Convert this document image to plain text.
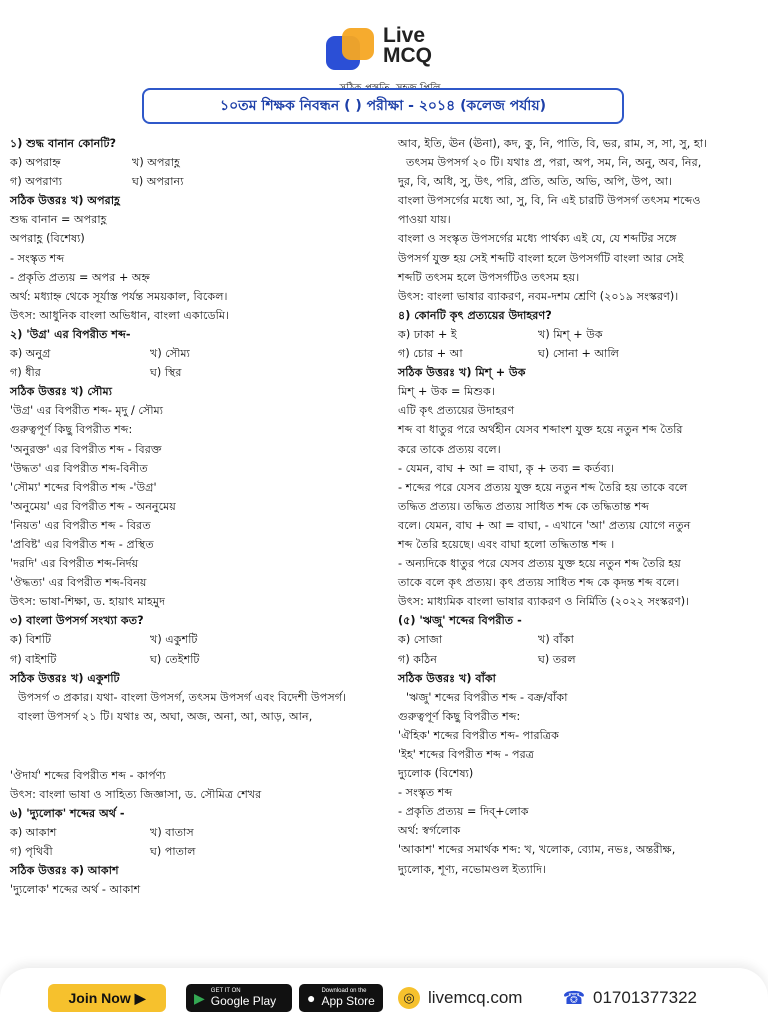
Live
MCQ
১০তম শিক্ষক নিবন্ধন ( ) পরীক্ষা - ২০১৪ (কলেজ পর্যায়)

১) শুদ্ধ বানান কোনটি?

ক) অপরাহ্ন	খ) অপরাহ্ণ

গ) অপরাণ্য	ঘ) অপরান্য

সঠিক উত্তরঃ খ) অপরাহ্ণ

শুদ্ধ বানান = অপরাহ্ণ

অপরাহ্ণ (বিশেষ্য)

- সংস্কৃত শব্দ

- প্রকৃতি প্রত্যয় = অপর + অহ্ন

অর্থ: মধ্যাহ্ন থেকে সূর্যাস্ত পর্যন্ত সময়কাল, বিকেল।

উৎস: আধুনিক বাংলা অভিধান, বাংলা একাডেমি।

২) 'উগ্র' এর বিপরীত শব্দ-

ক) অনুগ্র	খ) সৌম্য

গ) ধীর	ঘ) স্থির

সঠিক উত্তরঃ খ) সৌম্য

'উগ্র' এর বিপরীত শব্দ- মৃদু / সৌম্য

গুরুত্বপূর্ণ কিছু বিপরীত শব্দ:

'অনুরক্ত' এর বিপরীত শব্দ - বিরক্ত

'উদ্ধত' এর বিপরীত শব্দ-বিনীত

'সৌম্য' শব্দের বিপরীত শব্দ -'উগ্র'

'অনুমেয়' এর বিপরীত শব্দ - অননুমেয়

'নিয়ত' এর বিপরীত শব্দ - বিরত

'প্রবিষ্ট' এর বিপরীত শব্দ - প্রস্থিত

'দরদি' এর বিপরীত শব্দ-নির্দয়

'ঔদ্ধত্য' এর বিপরীত শব্দ-বিনয়

উৎস: ভাষা-শিক্ষা, ড. হায়াৎ মাহমুদ

৩) বাংলা উপসর্গ সংখ্যা কত?

ক) বিশটি	খ) একুশটি

গ) বাইশটি	ঘ) তেইশটি

সঠিক উত্তরঃ খ) একুশটি

উপসর্গ ৩ প্রকার। যথা- বাংলা উপসর্গ, তৎসম উপসর্গ এবং বিদেশী উপসর্গ।

বাংলা উপসর্গ ২১ টি। যথাঃ অ, অঘা, অজ, অনা, আ, আড়, আন,

'ঔদার্য' শব্দের বিপরীত শব্দ - কার্পণ্য

উৎস: বাংলা ভাষা ও সাহিত্য জিজ্ঞাসা, ড. সৌমিত্র শেখর

৬) 'দ্যুলোক' শব্দের অর্থ -

ক) আকাশ	খ) বাতাস

গ) পৃথিবী	ঘ) পাতাল

সঠিক উত্তরঃ ক) আকাশ

'দ্যুলোক' শব্দের অর্থ - আকাশ

আব, ইতি, ঊন (ঊনা), কদ, কু, নি, পাতি, বি, ভর, রাম, স, সা, সু, হা।

তৎসম উপসর্গ ২০ টি। যথাঃ প্র, পরা, অপ, সম, নি, অনু, অব, নির,

দুর, বি, অধি, সু, উৎ, পরি, প্রতি, অতি, অভি, অপি, উপ, আ।

বাংলা উপসর্গের মধ্যে আ, সু, বি, নি এই চারটি উপসর্গ তৎসম শব্দেও

পাওয়া যায়।

বাংলা ও সংস্কৃত উপসর্গের মধ্যে পার্থক্য এই যে, যে শব্দটির সঙ্গে

উপসর্গ যুক্ত হয় সেই শব্দটি বাংলা হলে উপসর্গটি বাংলা আর সেই

শব্দটি তৎসম হলে উপসর্গটিও তৎসম হয়।

উৎস: বাংলা ভাষার ব্যাকরণ, নবম-দশম শ্রেণি (২০১৯ সংস্করণ)।

৪) কোনটি কৃৎ প্রত্যয়ের উদাহরণ?

ক) ঢাকা + ই	খ) মিশ্ + উক

গ) চোর + আ	ঘ) সোনা + আলি

সঠিক উত্তরঃ খ) মিশ্ + উক

মিশ্ + উক = মিশুক।

এটি কৃৎ প্রত্যয়ের উদাহরণ

শব্দ বা ধাতুর পরে অর্থহীন যেসব শব্দাংশ যুক্ত হয়ে নতুন শব্দ তৈরি

করে তাকে প্রত্যয় বলে।

- যেমন, বাঘ + আ = বাঘা, কৃ + তব্য = কর্তব্য।

- শব্দের পরে যেসব প্রত্যয় যুক্ত হয়ে নতুন শব্দ তৈরি হয় তাকে বলে

তদ্ধিত প্রত্যয়। তদ্ধিত প্রত্যয় সাধিত শব্দ কে তদ্ধিতান্ত শব্দ

বলে। যেমন, বাঘ + আ = বাঘা, - এখানে 'আ' প্রত্যয় যোগে নতুন

শব্দ তৈরি হয়েছে। এবং বাঘা হলো তদ্ধিতান্ত শব্দ ।

- অন্যদিকে ধাতুর পরে যেসব প্রত্যয় যুক্ত হয়ে নতুন শব্দ তৈরি হয়

তাকে বলে কৃৎ প্রত্যয়। কৃৎ প্রত্যয় সাধিত শব্দ কে কৃদন্ত শব্দ বলে।

উৎস: মাধ্যমিক বাংলা ভাষার ব্যাকরণ ও নির্মিতি (২০২২ সংস্করণ)।

(৫) 'ঋজু' শব্দের বিপরীত -

ক) সোজা	খ) বাঁকা

গ) কঠিন	ঘ) তরল

সঠিক উত্তরঃ খ) বাঁকা

'ঋজু' শব্দের বিপরীত শব্দ - বক্র/বাঁকা

গুরুত্বপূর্ণ কিছু বিপরীত শব্দ:

'ঐহিক' শব্দের বিপরীত শব্দ- পারত্রিক

'ইহ' শব্দের বিপরীত শব্দ - পরত্র

দ্যুলোক (বিশেষ্য)

- সংস্কৃত শব্দ

- প্রকৃতি প্রত্যয় = দিব্+লোক

অর্থ: স্বর্গলোক

'আকাশ' শব্দের সমার্থক শব্দ: খ, খলোক, ব্যোম, নভঃ, অন্তরীক্ষ,

দ্যুলোক, শূণ্য, নভোমণ্ডল ইত্যাদি।

Join Now ▶	▶ GET IT ON
Google Play ● Download on the
App Store	◎ livemcq.com ☎ 01701377322
